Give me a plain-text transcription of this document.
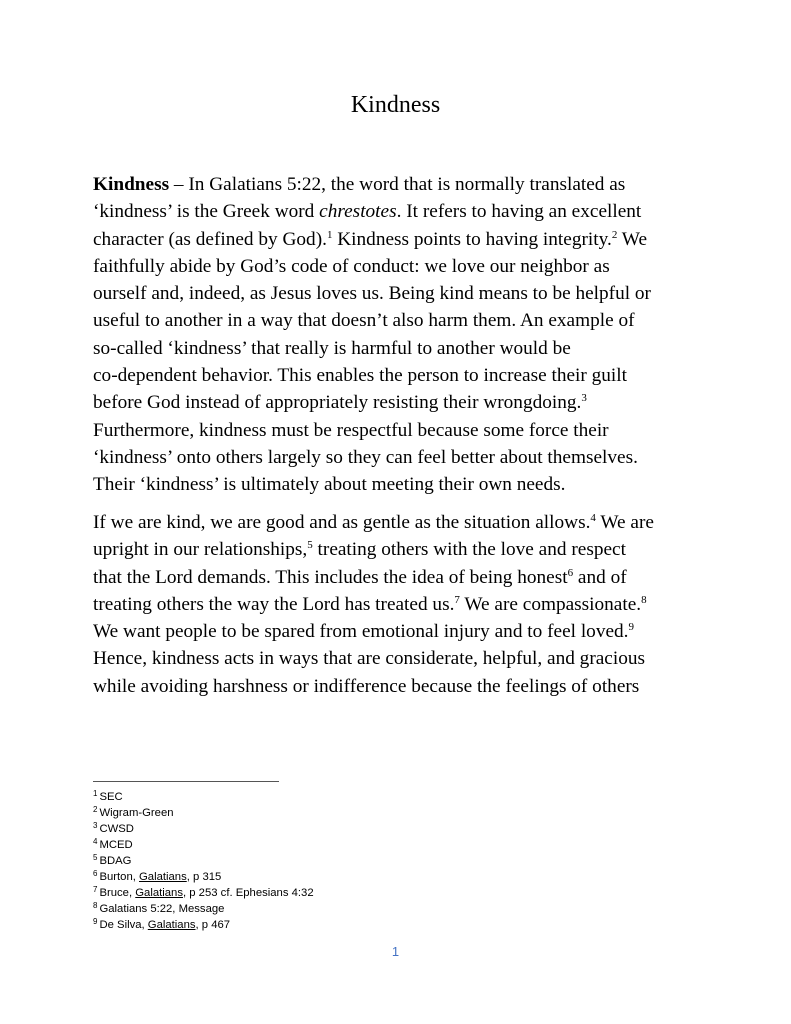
Kindness
Kindness – In Galatians 5:22, the word that is normally translated as
‘kindness’ is the Greek word chrestotes. It refers to having an excellent
character (as defined by God).$^1$ Kindness points to having integrity.$^2$ We
faithfully abide by God’s code of conduct: we love our neighbor as
ourself and, indeed, as Jesus loves us. Being kind means to be helpful or
useful to another in a way that doesn’t also harm them. An example of
so-called ‘kindness’ that really is harmful to another would be
co-dependent behavior. This enables the person to increase their guilt
before God instead of appropriately resisting their wrongdoing.$^3$
Furthermore, kindness must be respectful because some force their
‘kindness’ onto others largely so they can feel better about themselves.
Their ‘kindness’ is ultimately about meeting their own needs.
If we are kind, we are good and as gentle as the situation allows.$^4$ We are
upright in our relationships,$^5$ treating others with the love and respect
that the Lord demands. This includes the idea of being honest$^6$ and of
treating others the way the Lord has treated us.$^7$ We are compassionate.$^8$
We want people to be spared from emotional injury and to feel loved.$^9$
Hence, kindness acts in ways that are considerate, helpful, and gracious
while avoiding harshness or indifference because the feelings of others
$^1$ SEC
$^2$ Wigram-Green
$^3$ CWSD
$^4$ MCED
$^5$ BDAG
$^6$ Burton, Galatians, p 315
$^7$ Bruce, Galatians, p 253 cf. Ephesians 4:32
$^8$ Galatians 5:22, Message
$^9$ De Silva, Galatians, p 467
1
